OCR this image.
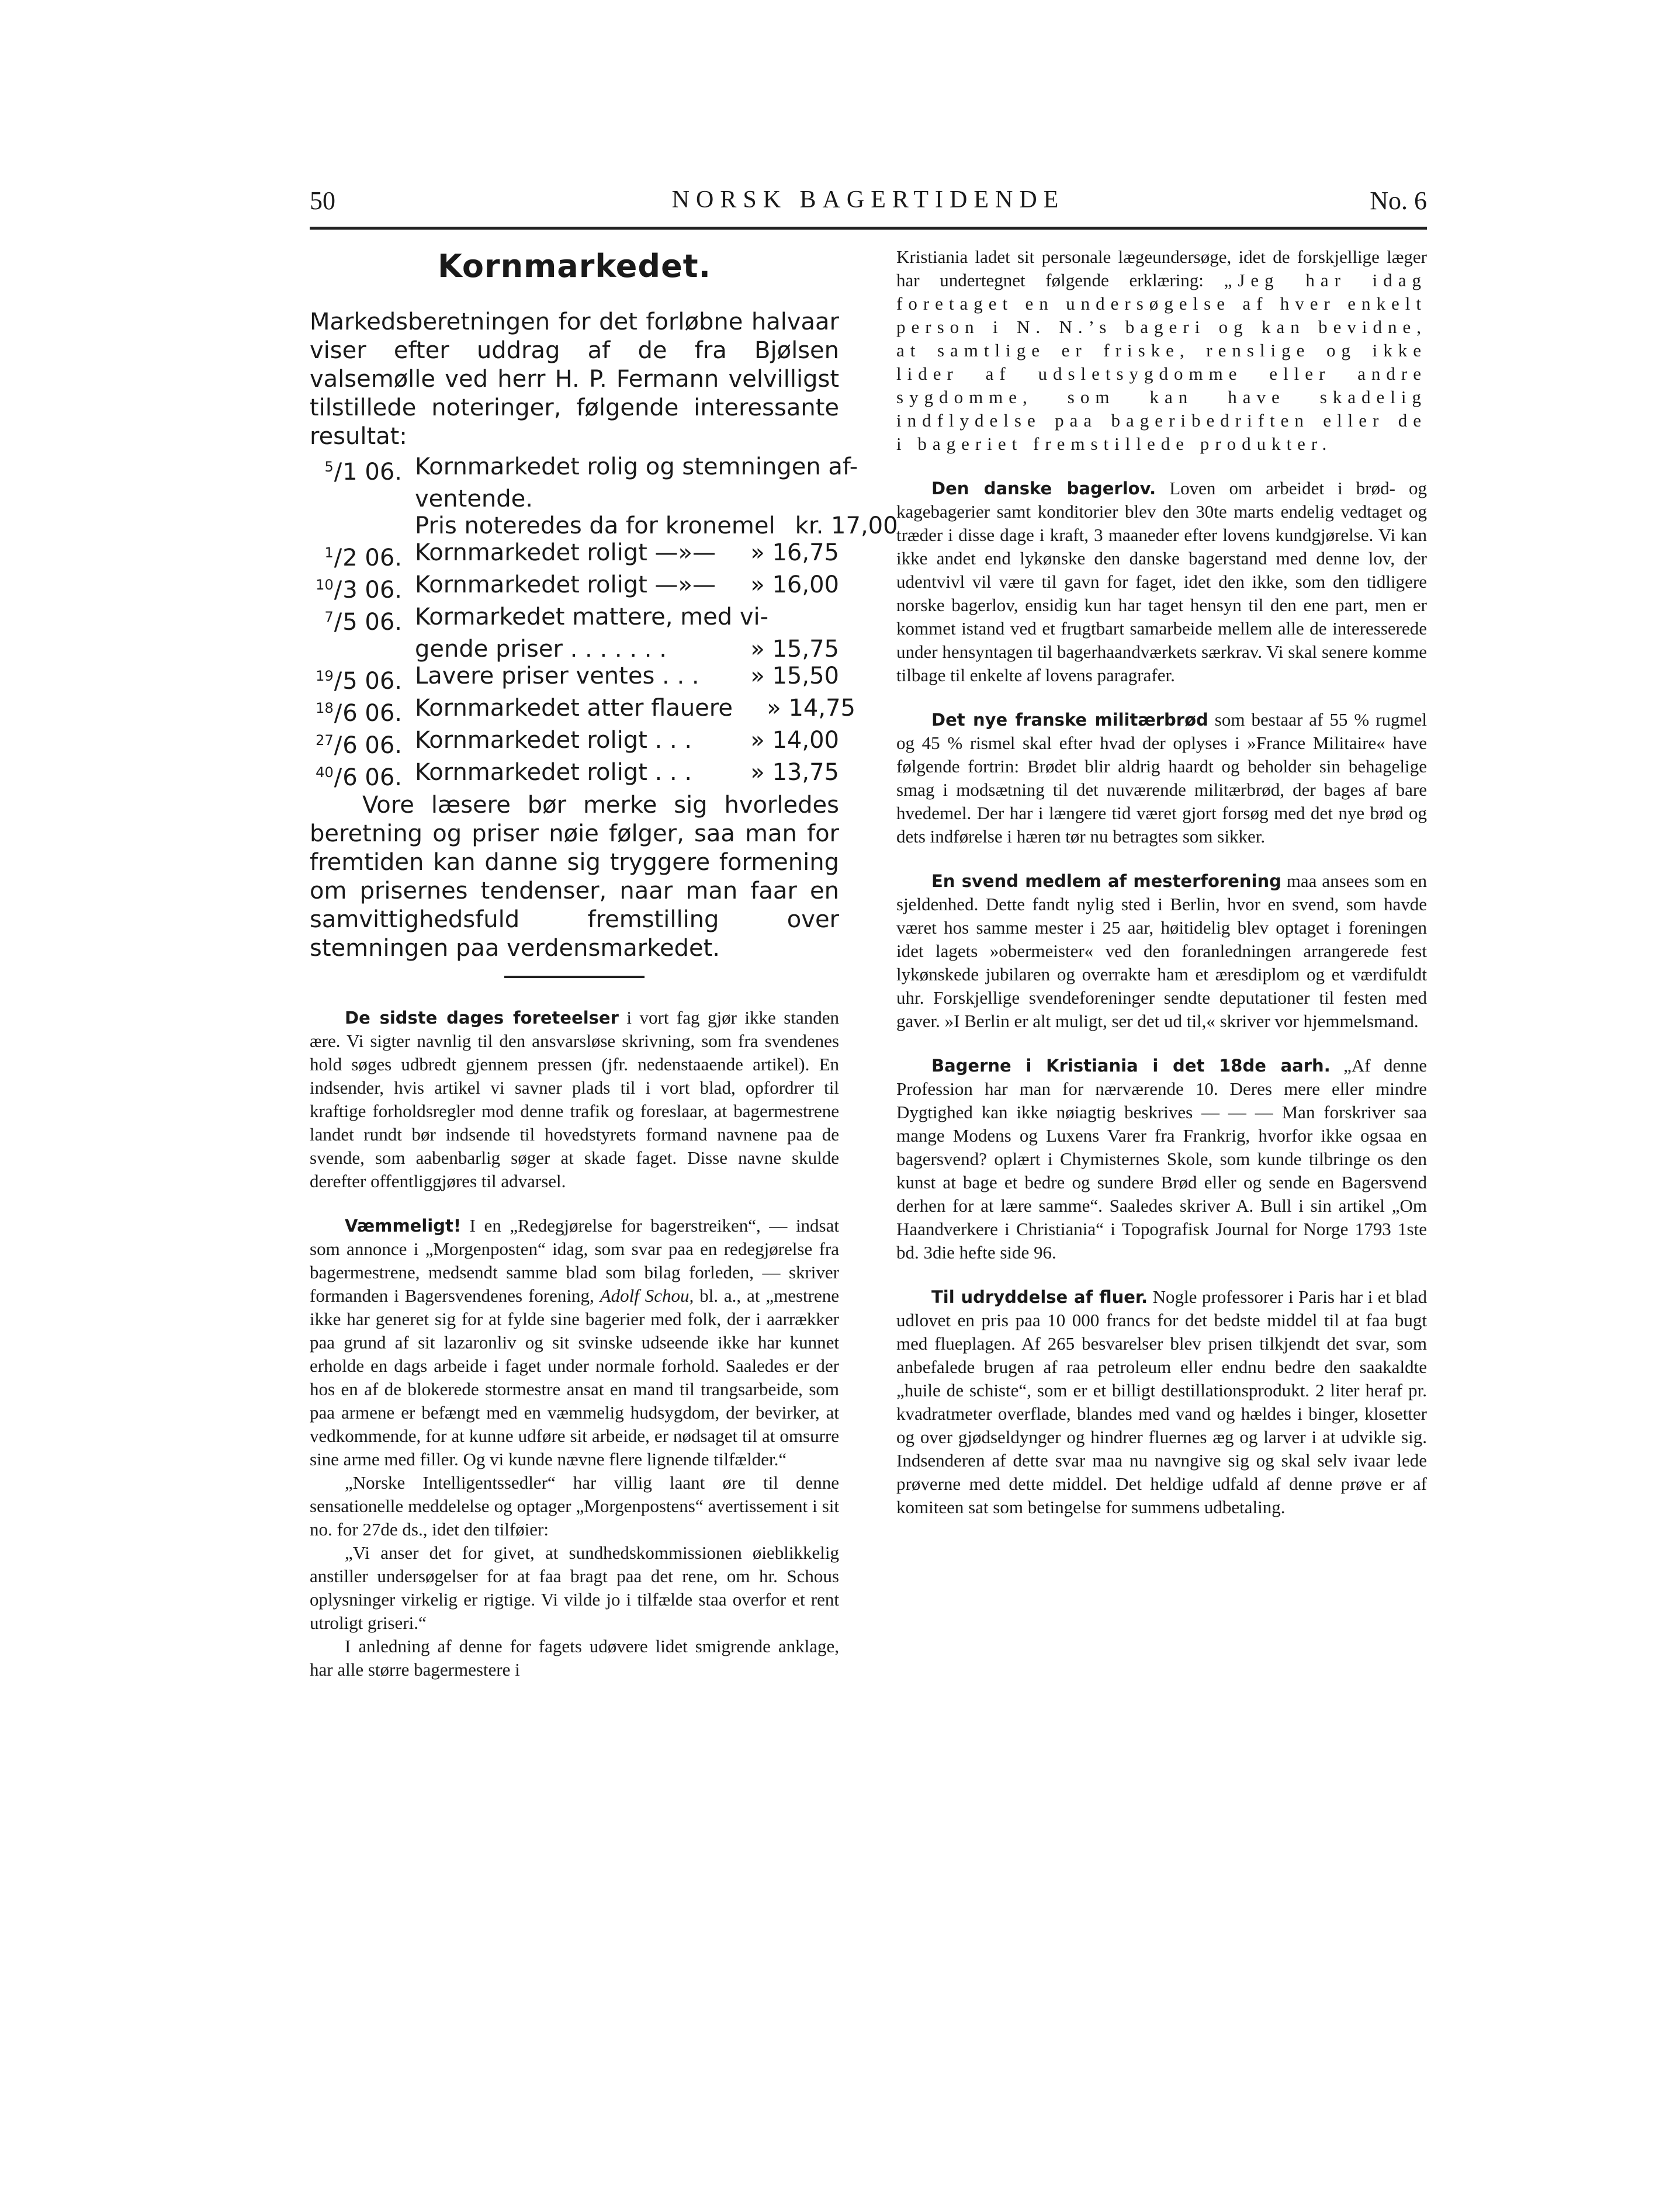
50	NORSK BAGERTIDENDE	No. 6
Kornmarkedet.

Markedsberetningen for det forløbne halvaar viser efter uddrag af de fra Bjølsen valsemølle ved herr H. P. Fermann velvilligst tilstillede noteringer, følgende interessante resultat:

$^5$/1 06. Kornmarkedet rolig og stemningen af-
ventende.
Pris noteredes da for kronemel kr. 17,00
$^1$/2 06. Kornmarkedet roligt —»—	» 16,75
$^{10}$/3 06. Kornmarkedet roligt —»—	» 16,00
$^7$/5 06. Kormarkedet mattere, med vi-
gende priser . . . . . . .	» 15,75
$^{19}$/5 06. Lavere priser ventes . . .	» 15,50
$^{18}$/6 06. Kornmarkedet atter flauere	» 14,75
$^{27}$/6 06. Kornmarkedet roligt . . .	» 14,00
$^{40}$/6 06. Kornmarkedet roligt . . .	» 13,75

Vore læsere bør merke sig hvorledes beretning og priser nøie følger, saa man for fremtiden kan danne sig tryggere formening om prisernes tendenser, naar man faar en samvittighedsfuld fremstilling over stemningen paa verdensmarkedet.

De sidste dages foreteelser i vort fag gjør ikke standen ære. Vi sigter navnlig til den ansvarsløse skrivning, som fra svendenes hold søges udbredt gjennem pressen (jfr. nedenstaaende artikel). En indsender, hvis artikel vi savner plads til i vort blad, opfordrer til kraftige forholdsregler mod denne trafik og foreslaar, at bagermestrene landet rundt bør indsende til hovedstyrets formand navnene paa de svende, som aabenbarlig søger at skade faget. Disse navne skulde derefter offentliggjøres til advarsel.

Væmmeligt! I en „Redegjørelse for bagerstreiken“, — indsat som annonce i „Morgenposten“ idag, som svar paa en redegjørelse fra bagermestrene, medsendt samme blad som bilag forleden, — skriver formanden i Bagersvendenes forening, Adolf Schou, bl. a., at „mestrene ikke har generet sig for at fylde sine bagerier med folk, der i aarrækker paa grund af sit lazaronliv og sit svinske udseende ikke har kunnet erholde en dags arbeide i faget under normale forhold. Saaledes er der hos en af de blokerede stormestre ansat en mand til trangsarbeide, som paa armene er befængt med en væmmelig hudsygdom, der bevirker, at vedkommende, for at kunne udføre sit arbeide, er nødsaget til at omsurre sine arme med filler. Og vi kunde nævne flere lignende tilfælder.“

„Norske Intelligentssedler“ har villig laant øre til denne sensationelle meddelelse og optager „Morgenpostens“ avertissement i sit no. for 27de ds., idet den tilføier:

„Vi anser det for givet, at sundhedskommissionen øieblikkelig anstiller undersøgelser for at faa bragt paa det rene, om hr. Schous oplysninger virkelig er rigtige. Vi vilde jo i tilfælde staa overfor et rent utroligt griseri.“

I anledning af denne for fagets udøvere lidet smigrende anklage, har alle større bagermestere i

Kristiania ladet sit personale lægeundersøge, idet de forskjellige læger har undertegnet følgende erklæring: „Jeg har idag foretaget en undersøgelse af hver enkelt person i N. N.’s bageri og kan bevidne, at samtlige er friske, renslige og ikke lider af udsletsygdomme eller andre sygdomme, som kan have skadelig indflydelse paa bageribedriften eller de i bageriet fremstillede produkter.

Den danske bagerlov. Loven om arbeidet i brød- og kagebagerier samt konditorier blev den 30te marts endelig vedtaget og træder i disse dage i kraft, 3 maaneder efter lovens kundgjørelse. Vi kan ikke andet end lykønske den danske bagerstand med denne lov, der udentvivl vil være til gavn for faget, idet den ikke, som den tidligere norske bagerlov, ensidig kun har taget hensyn til den ene part, men er kommet istand ved et frugtbart samarbeide mellem alle de interesserede under hensyntagen til bagerhaandværkets særkrav. Vi skal senere komme tilbage til enkelte af lovens paragrafer.

Det nye franske militærbrød som bestaar af 55 % rugmel og 45 % rismel skal efter hvad der oplyses i »France Militaire« have følgende fortrin: Brødet blir aldrig haardt og beholder sin behagelige smag i modsætning til det nuværende militærbrød, der bages af bare hvedemel. Der har i længere tid været gjort forsøg med det nye brød og dets indførelse i hæren tør nu betragtes som sikker.

En svend medlem af mesterforening maa ansees som en sjeldenhed. Dette fandt nylig sted i Berlin, hvor en svend, som havde været hos samme mester i 25 aar, høitidelig blev optaget i foreningen idet lagets »obermeister« ved den foranledningen arrangerede fest lykønskede jubilaren og overrakte ham et æresdiplom og et værdifuldt uhr. Forskjellige svendeforeninger sendte deputationer til festen med gaver. »I Berlin er alt muligt, ser det ud til,« skriver vor hjemmelsmand.

Bagerne i Kristiania i det 18de aarh. „Af denne Profession har man for nærværende 10. Deres mere eller mindre Dygtighed kan ikke nøiagtig beskrives — — — Man forskriver saa mange Modens og Luxens Varer fra Frankrig, hvorfor ikke ogsaa en bagersvend? oplært i Chymisternes Skole, som kunde tilbringe os den kunst at bage et bedre og sundere Brød eller og sende en Bagersvend derhen for at lære samme“. Saaledes skriver A. Bull i sin artikel „Om Haandverkere i Christiania“ i Topografisk Journal for Norge 1793 1ste bd. 3die hefte side 96.

Til udryddelse af fluer. Nogle professorer i Paris har i et blad udlovet en pris paa 10 000 francs for det bedste middel til at faa bugt med flueplagen. Af 265 besvarelser blev prisen tilkjendt det svar, som anbefalede brugen af raa petroleum eller endnu bedre den saakaldte „huile de schiste“, som er et billigt destillationsprodukt. 2 liter heraf pr. kvadratmeter overflade, blandes med vand og hældes i binger, klosetter og over gjødseldynger og hindrer fluernes æg og larver i at udvikle sig. Indsenderen af dette svar maa nu navngive sig og skal selv ivaar lede prøverne med dette middel. Det heldige udfald af denne prøve er af komiteen sat som betingelse for summens udbetaling.
